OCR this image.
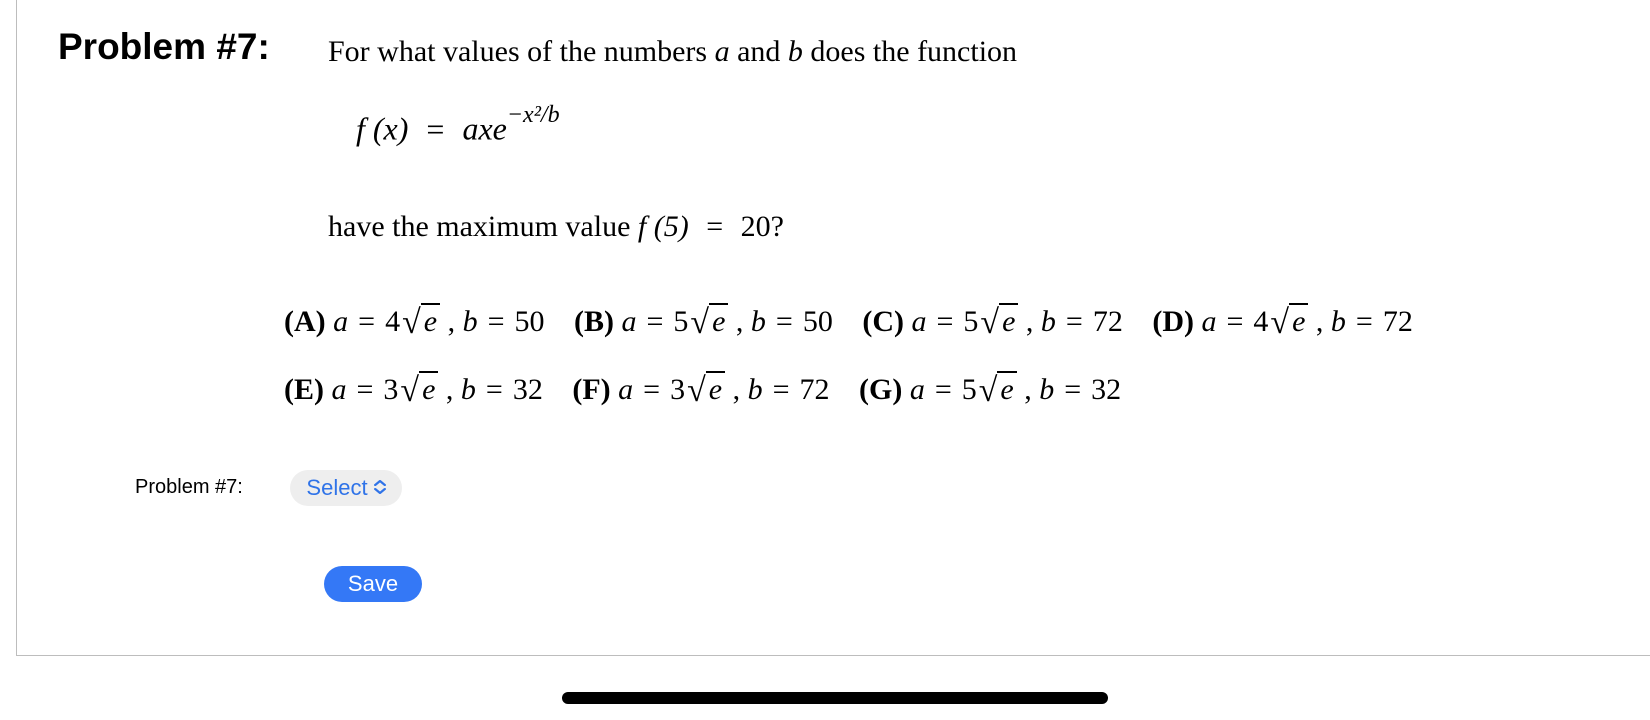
Problem #7: For what values of the numbers a and b does the function
f (x) = axe$^{-x^2/b}$
have the maximum value f (5) = 20?
(A) a = 4√ e , b = 50 (B) a = 5√ e , b = 50 (C) a = 5√ e , b = 72 (D) a = 4√ e , b = 72
(E) a = 3√ e , b = 32 (F) a = 3√ e , b = 72 (G) a = 5√ e , b = 32
Problem #7:	Select
Save
